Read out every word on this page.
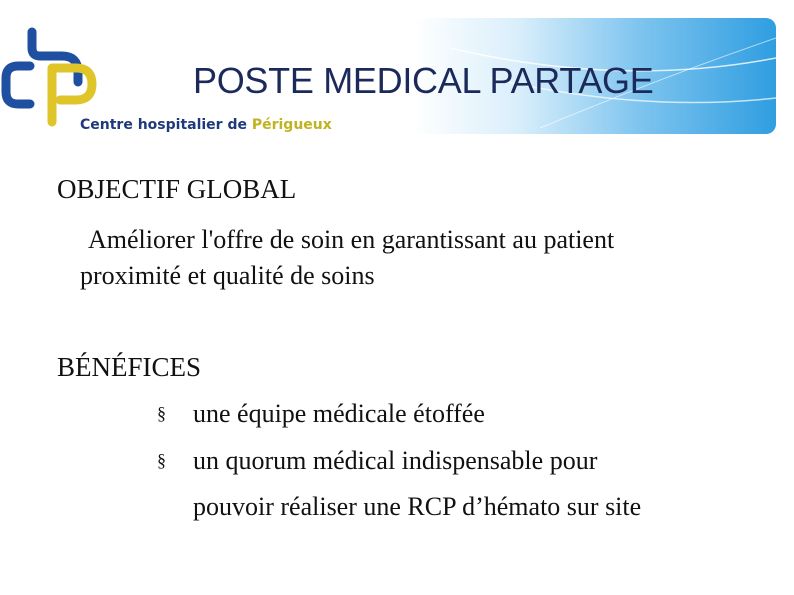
POSTE MEDICAL PARTAGE
Centre hospitalier de Périgueux
OBJECTIF GLOBAL
Améliorer l'offre de soin en garantissant au patient
proximité et qualité de soins
BÉNÉFICES
§ une équipe médicale étoffée
§ un quorum médical indispensable pour
pouvoir réaliser une RCP d’hémato sur site
